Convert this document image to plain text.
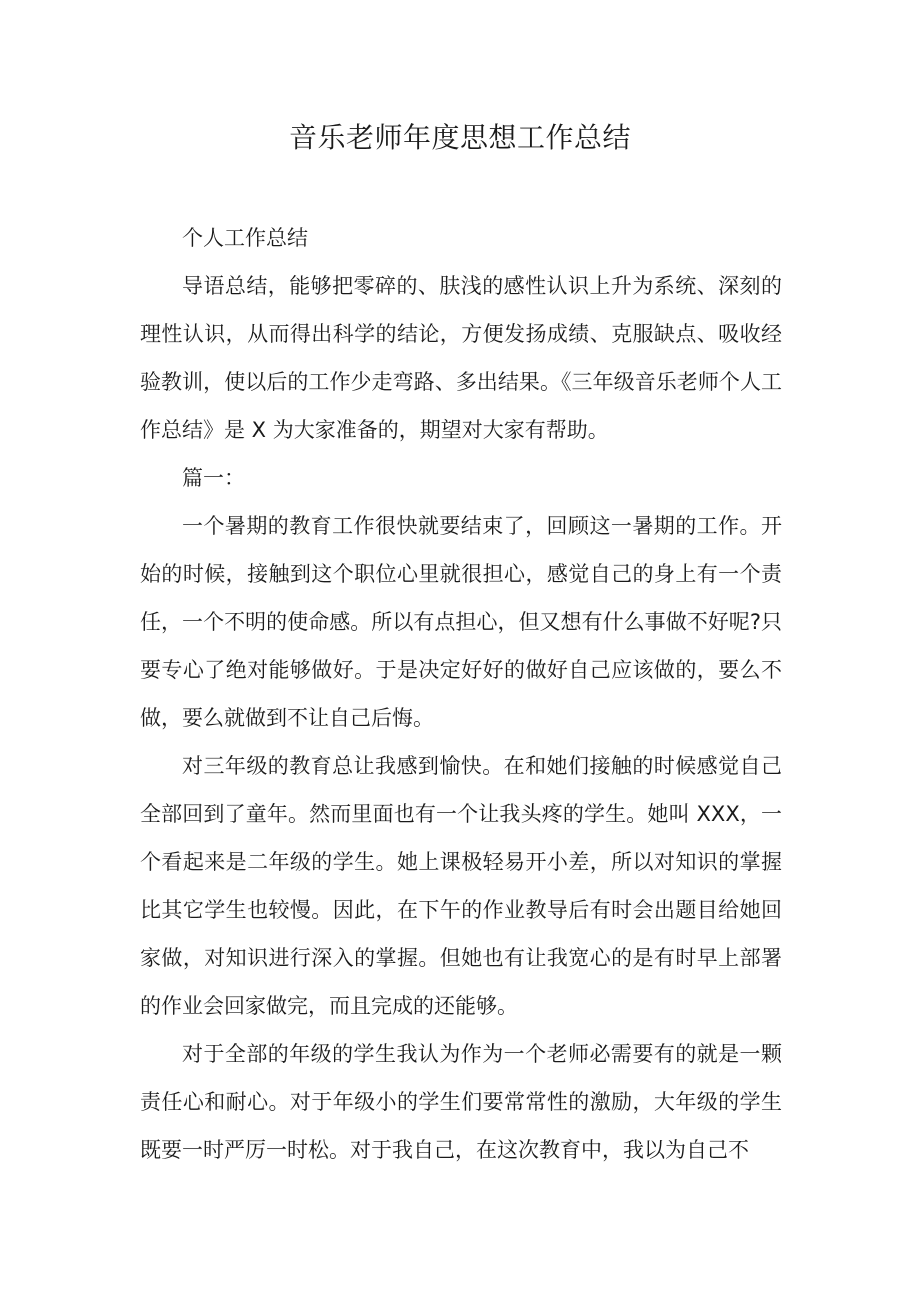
音乐老师年度思想工作总结

个人工作总结

导语总结，能够把零碎的、肤浅的感性认识上升为系统、深刻的理性认识，从而得出科学的结论，方便发扬成绩、克服缺点、吸收经验教训，使以后的工作少走弯路、多出结果。《三年级音乐老师个人工作总结》是 X 为大家准备的，期望对大家有帮助。

篇一：

一个暑期的教育工作很快就要结束了，回顾这一暑期的工作。开始的时候，接触到这个职位心里就很担心，感觉自己的身上有一个责任，一个不明的使命感。所以有点担心，但又想有什么事做不好呢?只要专心了绝对能够做好。于是决定好好的做好自己应该做的，要么不做，要么就做到不让自己后悔。

对三年级的教育总让我感到愉快。在和她们接触的时候感觉自己全部回到了童年。然而里面也有一个让我头疼的学生。她叫 XXX，一个看起来是二年级的学生。她上课极轻易开小差，所以对知识的掌握比其它学生也较慢。因此，在下午的作业教导后有时会出题目给她回家做，对知识进行深入的掌握。但她也有让我宽心的是有时早上部署的作业会回家做完，而且完成的还能够。

对于全部的年级的学生我认为作为一个老师必需要有的就是一颗责任心和耐心。对于年级小的学生们要常常性的激励，大年级的学生既要一时严厉一时松。对于我自己，在这次教育中，我以为自己不
